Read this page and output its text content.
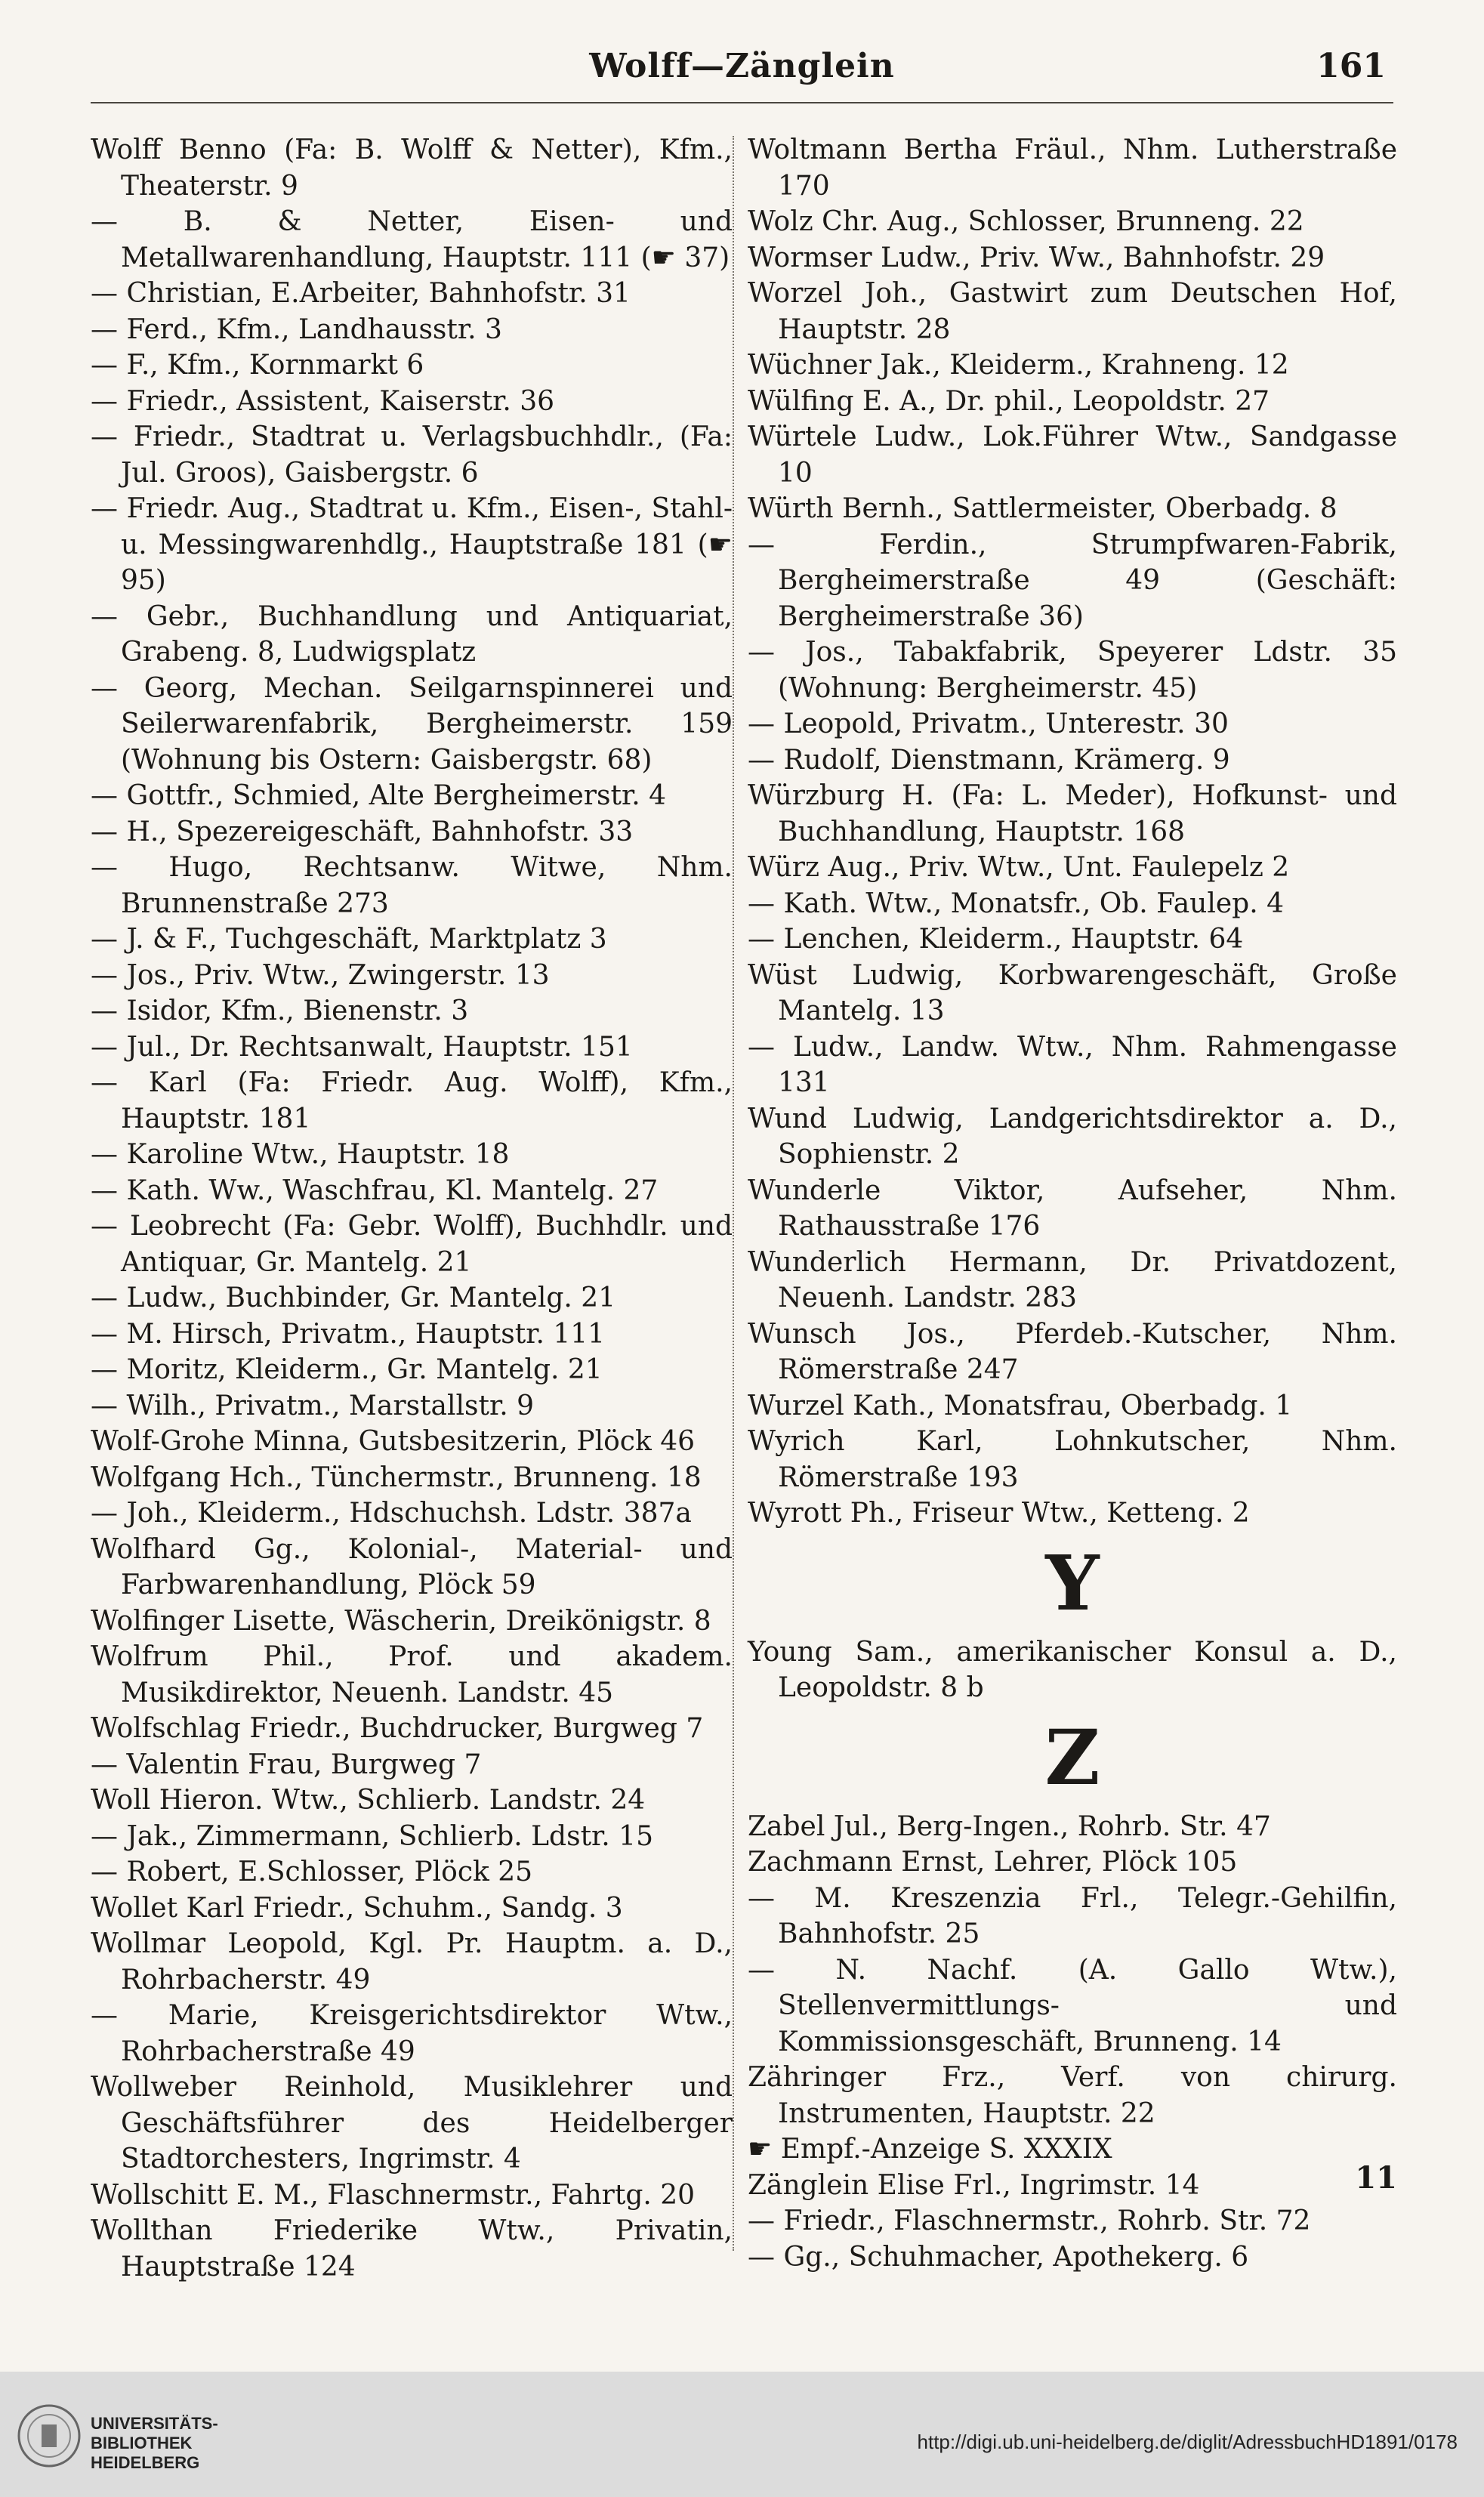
Wolff—Zänglein	161
Wolff Benno (Fa: B. Wolff & Netter), Kfm., Theaterstr. 9
— B. & Netter, Eisen- und Metallwarenhandlung, Hauptstr. 111 (☛ 37)
— Christian, E.Arbeiter, Bahnhofstr. 31
— Ferd., Kfm., Landhausstr. 3
— F., Kfm., Kornmarkt 6
— Friedr., Assistent, Kaiserstr. 36
— Friedr., Stadtrat u. Verlagsbuchhdlr., (Fa: Jul. Groos), Gaisbergstr. 6
— Friedr. Aug., Stadtrat u. Kfm., Eisen-, Stahl- u. Messingwarenhdlg., Hauptstraße 181 (☛ 95)
— Gebr., Buchhandlung und Antiquariat, Grabeng. 8, Ludwigsplatz
— Georg, Mechan. Seilgarnspinnerei und Seilerwarenfabrik, Bergheimerstr. 159 (Wohnung bis Ostern: Gaisbergstr. 68)
— Gottfr., Schmied, Alte Bergheimerstr. 4
— H., Spezereigeschäft, Bahnhofstr. 33
— Hugo, Rechtsanw. Witwe, Nhm. Brunnenstraße 273
— J. & F., Tuchgeschäft, Marktplatz 3
— Jos., Priv. Wtw., Zwingerstr. 13
— Isidor, Kfm., Bienenstr. 3
— Jul., Dr. Rechtsanwalt, Hauptstr. 151
— Karl (Fa: Friedr. Aug. Wolff), Kfm., Hauptstr. 181
— Karoline Wtw., Hauptstr. 18
— Kath. Ww., Waschfrau, Kl. Mantelg. 27
— Leobrecht (Fa: Gebr. Wolff), Buchhdlr. und Antiquar, Gr. Mantelg. 21
— Ludw., Buchbinder, Gr. Mantelg. 21
— M. Hirsch, Privatm., Hauptstr. 111
— Moritz, Kleiderm., Gr. Mantelg. 21
— Wilh., Privatm., Marstallstr. 9
Wolf-Grohe Minna, Gutsbesitzerin, Plöck 46
Wolfgang Hch., Tünchermstr., Brunneng. 18
— Joh., Kleiderm., Hdschuchsh. Ldstr. 387a
Wolfhard Gg., Kolonial-, Material- und Farbwarenhandlung, Plöck 59
Wolfinger Lisette, Wäscherin, Dreikönigstr. 8
Wolfrum Phil., Prof. und akadem. Musikdirektor, Neuenh. Landstr. 45
Wolfschlag Friedr., Buchdrucker, Burgweg 7
— Valentin Frau, Burgweg 7
Woll Hieron. Wtw., Schlierb. Landstr. 24
— Jak., Zimmermann, Schlierb. Ldstr. 15
— Robert, E.Schlosser, Plöck 25
Wollet Karl Friedr., Schuhm., Sandg. 3
Wollmar Leopold, Kgl. Pr. Hauptm. a. D., Rohrbacherstr. 49
— Marie, Kreisgerichtsdirektor Wtw., Rohrbacherstraße 49
Wollweber Reinhold, Musiklehrer und Geschäftsführer des Heidelberger Stadtorchesters, Ingrimstr. 4
Wollschitt E. M., Flaschnermstr., Fahrtg. 20
Wollthan Friederike Wtw., Privatin, Hauptstraße 124
Woltmann Bertha Fräul., Nhm. Lutherstraße 170
Wolz Chr. Aug., Schlosser, Brunneng. 22
Wormser Ludw., Priv. Ww., Bahnhofstr. 29
Worzel Joh., Gastwirt zum Deutschen Hof, Hauptstr. 28
Wüchner Jak., Kleiderm., Krahneng. 12
Wülfing E. A., Dr. phil., Leopoldstr. 27
Würtele Ludw., Lok.Führer Wtw., Sandgasse 10
Würth Bernh., Sattlermeister, Oberbadg. 8
— Ferdin., Strumpfwaren-Fabrik, Bergheimerstraße 49 (Geschäft: Bergheimerstraße 36)
— Jos., Tabakfabrik, Speyerer Ldstr. 35 (Wohnung: Bergheimerstr. 45)
— Leopold, Privatm., Unterestr. 30
— Rudolf, Dienstmann, Krämerg. 9
Würzburg H. (Fa: L. Meder), Hofkunst- und Buchhandlung, Hauptstr. 168
Würz Aug., Priv. Wtw., Unt. Faulepelz 2
— Kath. Wtw., Monatsfr., Ob. Faulep. 4
— Lenchen, Kleiderm., Hauptstr. 64
Wüst Ludwig, Korbwarengeschäft, Große Mantelg. 13
— Ludw., Landw. Wtw., Nhm. Rahmengasse 131
Wund Ludwig, Landgerichtsdirektor a. D., Sophienstr. 2
Wunderle Viktor, Aufseher, Nhm. Rathausstraße 176
Wunderlich Hermann, Dr. Privatdozent, Neuenh. Landstr. 283
Wunsch Jos., Pferdeb.-Kutscher, Nhm. Römerstraße 247
Wurzel Kath., Monatsfrau, Oberbadg. 1
Wyrich Karl, Lohnkutscher, Nhm. Römerstraße 193
Wyrott Ph., Friseur Wtw., Ketteng. 2
Y
Young Sam., amerikanischer Konsul a. D., Leopoldstr. 8 b
Z
Zabel Jul., Berg-Ingen., Rohrb. Str. 47
Zachmann Ernst, Lehrer, Plöck 105
— M. Kreszenzia Frl., Telegr.-Gehilfin, Bahnhofstr. 25
— N. Nachf. (A. Gallo Wtw.), Stellenvermittlungs- und Kommissionsgeschäft, Brunneng. 14
Zähringer Frz., Verf. von chirurg. Instrumenten, Hauptstr. 22
☛ Empf.-Anzeige S. XXXIX
Zänglein Elise Frl., Ingrimstr. 14
— Friedr., Flaschnermstr., Rohrb. Str. 72
— Gg., Schuhmacher, Apothekerg. 6
11
UNIVERSITÄTS-
BIBLIOTHEK
HEIDELBERG
http://digi.ub.uni-heidelberg.de/diglit/AdressbuchHD1891/0178
